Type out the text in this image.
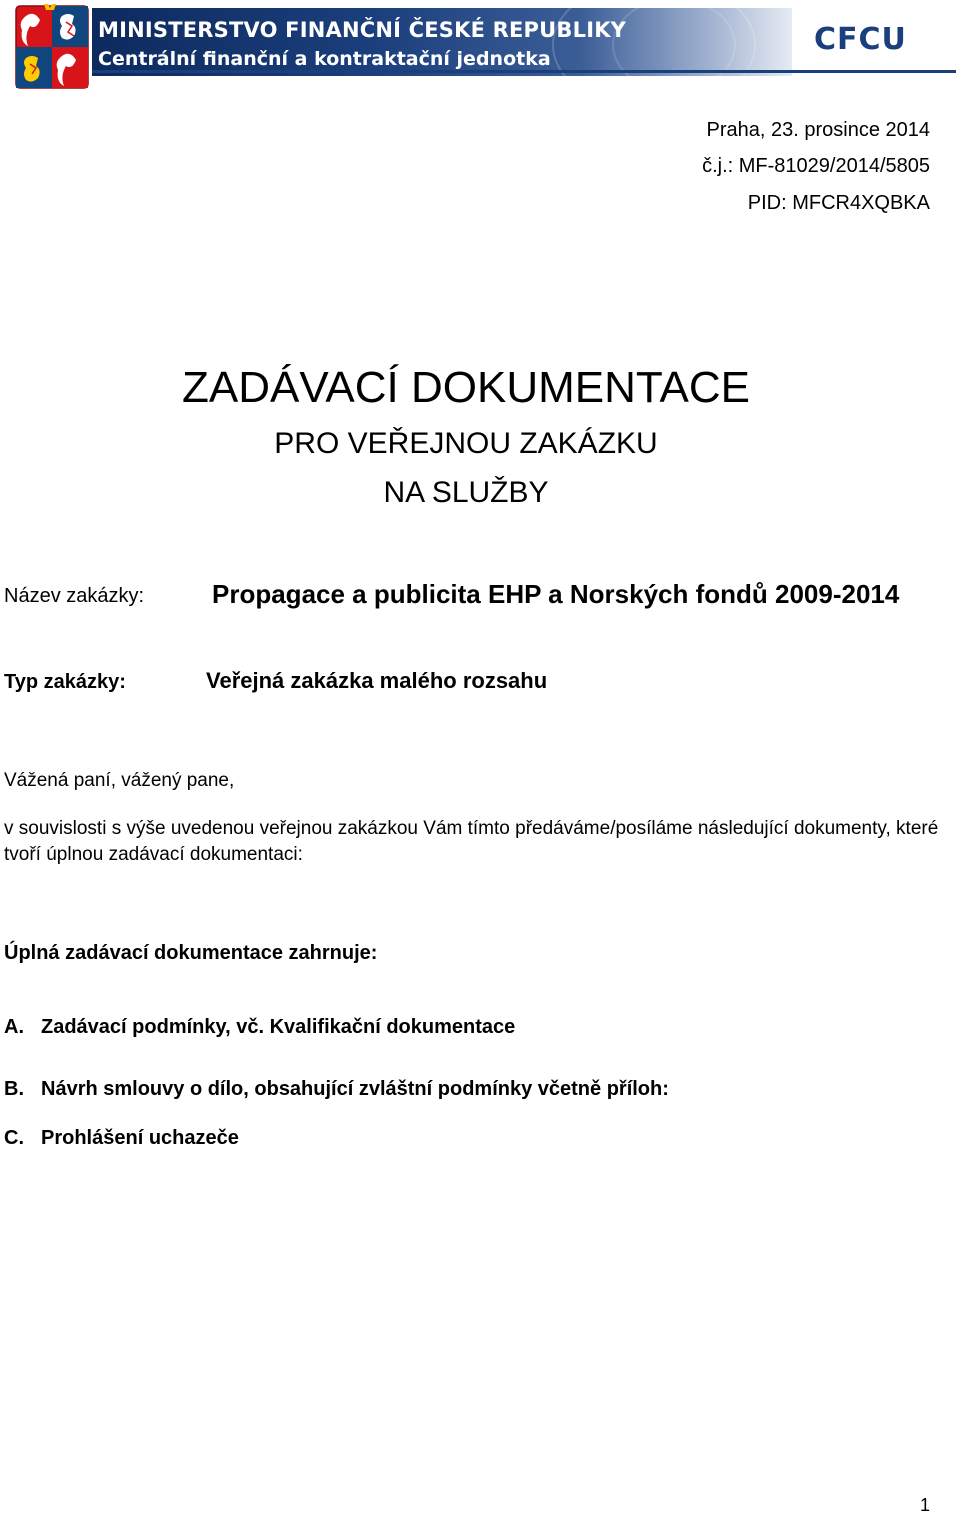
MINISTERSTVO FINANČNÍ ČESKÉ REPUBLIKY
Centrální finanční a kontraktační jednotka
CFCU
Praha, 23. prosince 2014
č.j.: MF-81029/2014/5805
PID: MFCR4XQBKA
ZADÁVACÍ DOKUMENTACE
PRO VEŘEJNOU ZAKÁZKU
NA SLUŽBY
Název zakázky:	Propagace a publicita EHP a Norských fondů 2009-2014
Typ zakázky:	Veřejná zakázka malého rozsahu
Vážená paní, vážený pane,
v souvislosti s výše uvedenou veřejnou zakázkou Vám tímto předáváme/posíláme následující dokumenty, které tvoří úplnou zadávací dokumentaci:
Úplná zadávací dokumentace zahrnuje:
A. Zadávací podmínky, vč. Kvalifikační dokumentace
B. Návrh smlouvy o dílo, obsahující zvláštní podmínky včetně příloh:
C. Prohlášení uchazeče
1
